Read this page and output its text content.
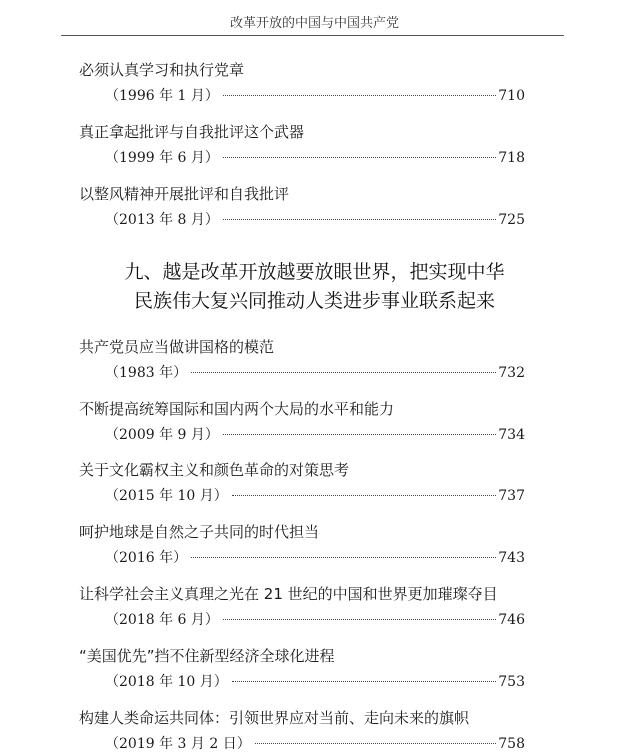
改革开放的中国与中国共产党
必须认真学习和执行党章
（1996 年 1 月）	710
真正拿起批评与自我批评这个武器
（1999 年 6 月）	718
以整风精神开展批评和自我批评
（2013 年 8 月）	725
九、越是改革开放越要放眼世界，把实现中华
民族伟大复兴同推动人类进步事业联系起来
共产党员应当做讲国格的模范
（1983 年）	732
不断提高统筹国际和国内两个大局的水平和能力
（2009 年 9 月）	734
关于文化霸权主义和颜色革命的对策思考
（2015 年 10 月）	737
呵护地球是自然之子共同的时代担当
（2016 年）	743
让科学社会主义真理之光在 21 世纪的中国和世界更加璀璨夺目
（2018 年 6 月）	746
“美国优先”挡不住新型经济全球化进程
（2018 年 10 月）	753
构建人类命运共同体：引领世界应对当前、走向未来的旗帜
（2019 年 3 月 2 日）	758
